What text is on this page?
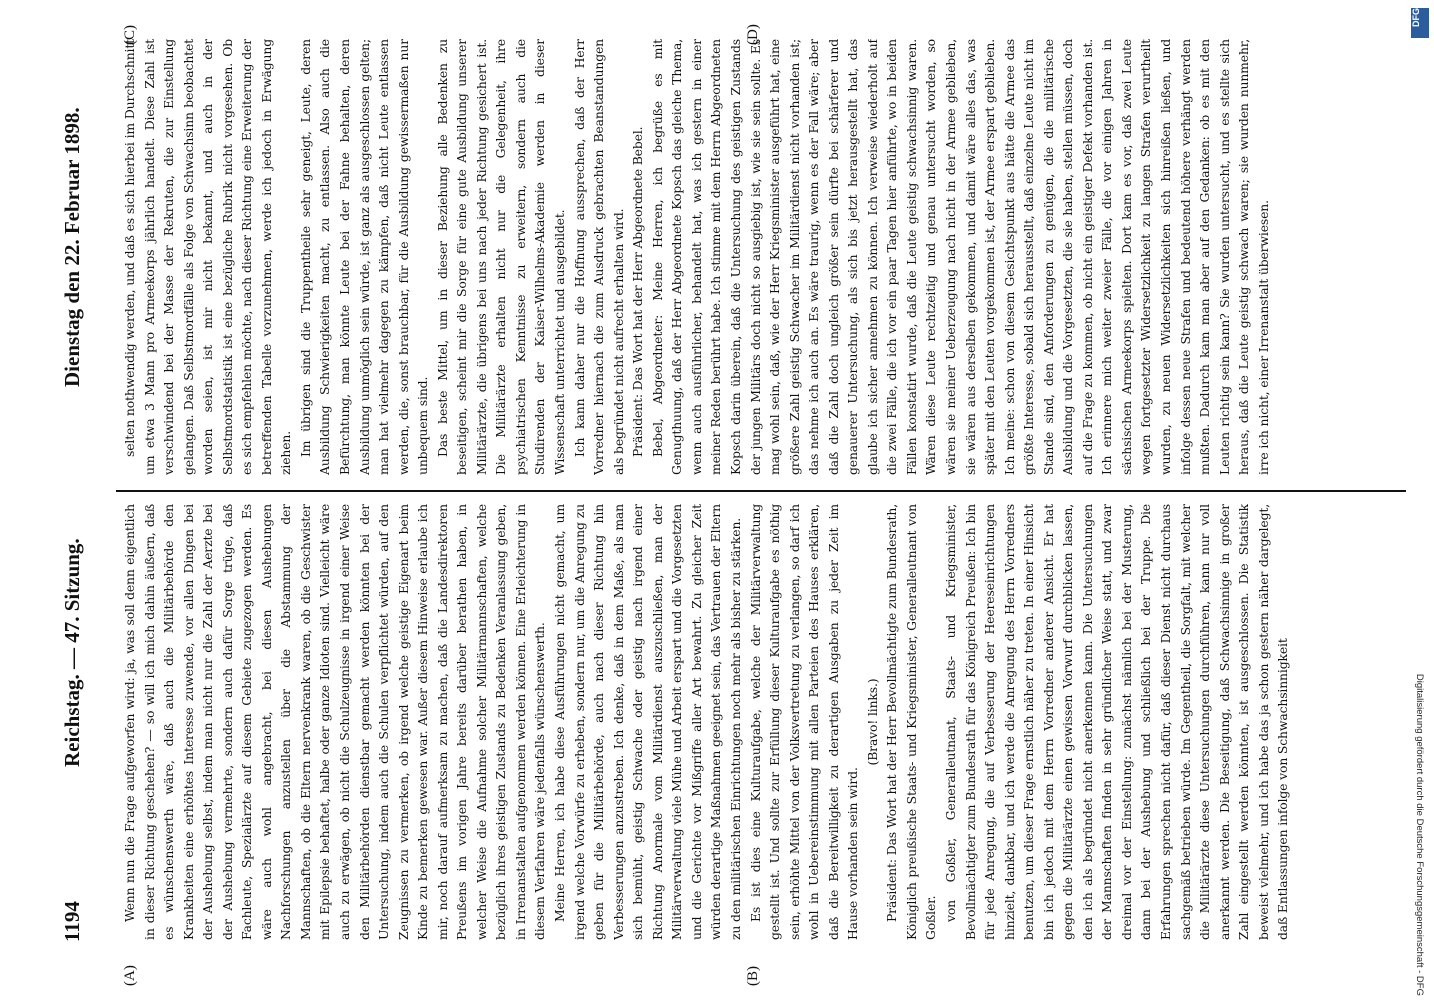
1194
Reichstag. — 47. Sitzung.
Dienstag den 22. Februar 1898.
(A)	(B)
(C)	(D)

Wenn nun die Frage aufgeworfen wird: ja, was soll denn eigentlich in dieser Richtung geschehen? — so will ich mich dahin äußern, daß es wünschenswerth wäre, daß auch die Militärbehörde den Krankheiten eine erhöhtes Interesse zuwende, vor allen Dingen bei der Aushebung selbst, indem man nicht nur die Zahl der Aerzte bei der Aushebung vermehrte, sondern auch dafür Sorge trüge, daß Fachleute, Spezialärzte auf diesem Gebiete zugezogen werden. Es wäre auch wohl angebracht, bei diesen Aushebungen Nachforschungen anzustellen über die Abstammung der Mannschaften, ob die Eltern nervenkrank waren, ob die Geschwister mit Epilepsie behaftet, halbe oder ganze Idioten sind. Vielleicht wäre auch zu erwägen, ob nicht die Schulzeugnisse in irgend einer Weise den Militärbehörden dienstbar gemacht werden könnten bei der Untersuchung, indem auch die Schulen verpflichtet würden, auf den Zeugnissen zu vermerken, ob irgend welche geistige Eigenart beim Kinde zu bemerken gewesen war. Außer diesem Hinweise erlaube ich mir, noch darauf aufmerksam zu machen, daß die Landesdirektoren Preußens im vorigen Jahre bereits darüber berathen haben, in welcher Weise die Aufnahme solcher Militärmannschaften, welche bezüglich ihres geistigen Zustands zu Bedenken Veranlassung geben, in Irrenanstalten aufgenommen werden können. Eine Erleichterung in diesem Verfahren wäre jedenfalls wünschenswerth. Meine Herren, ich habe diese Ausführungen nicht gemacht, um irgend welche Vorwürfe zu erheben, sondern nur, um die Anregung zu geben für die Militärbehörde, auch nach dieser Richtung hin Verbesserungen anzustreben. Ich denke, daß in dem Maße, als man sich bemüht, geistig Schwache oder geistig nach irgend einer Richtung Anormale vom Militärdienst auszuschließen, man der Militärverwaltung viele Mühe und Arbeit erspart und die Vorgesetzten und die Gerichte vor Mißgriffe aller Art bewahrt. Zu gleicher Zeit würden derartige Maßnahmen geeignet sein, das Vertrauen der Eltern zu den militärischen Einrichtungen noch mehr als bisher zu stärken. Es ist dies eine Kulturaufgabe, welche der Militärverwaltung gestellt ist. Und sollte zur Erfüllung dieser Kulturaufgabe es nöthig sein, erhöhte Mittel von der Volksvertretung zu verlangen, so darf ich wohl in Uebereinstimmung mit allen Parteien des Hauses erklären, daß die Bereitwilligkeit zu derartigen Ausgaben zu jeder Zeit im Hause vorhanden sein wird.

(Bravo! links.) Präsident: Das Wort hat der Herr Bevollmächtigte zum Bundesrath, Königlich preußische Staats- und Kriegsminister, Generalleutnant von Goßler. von Goßler, Generalleutnant, Staats- und Kriegsminister, Bevollmächtigter zum Bundesrath für das Königreich Preußen: Ich bin für jede Anregung, die auf Verbesserung der Heereseinrichtungen hinzielt, dankbar, und ich werde die Anregung des Herrn Vorredners benutzen, um dieser Frage ernstlich näher zu treten. In einer Hinsicht bin ich jedoch mit dem Herrn Vorredner anderer Ansicht. Er hat gegen die Militärärzte einen gewissen Vorwurf durchblicken lassen, den ich als begründet nicht anerkennen kann. Die Untersuchungen der Mannschaften finden in sehr gründlicher Weise statt, und zwar dreimal vor der Einstellung: zunächst nämlich bei der Musterung, dann bei der Aushebung und schließlich bei der Truppe. Die Erfahrungen sprechen nicht dafür, daß dieser Dienst nicht durchaus sachgemäß betrieben würde. Im Gegentheil, die Sorgfalt, mit welcher die Militärärzte diese Untersuchungen durchführen, kann nur voll anerkannt werden. Die Beseitigung, daß Schwachsinnige in großer Zahl eingestellt werden könnten, ist ausgeschlossen. Die Statistik beweist vielmehr, und ich habe das ja schon gestern näher dargelegt, daß Entlassungen infolge von Schwachsinnigkeit

selten nothwendig werden, und daß es sich hierbei im Durchschnitt um etwa 3 Mann pro Armeekorps jährlich handelt. Diese Zahl ist verschwindend bei der Masse der Rekruten, die zur Einstellung gelangen. Daß Selbstmordfälle als Folge von Schwachsinn beobachtet worden seien, ist mir nicht bekannt, und auch in der Selbstmordstatistik ist eine bezügliche Rubrik nicht vorgesehen. Ob es sich empfehlen möchte, nach dieser Richtung eine Erweiterung der betreffenden Tabelle vorzunehmen, werde ich jedoch in Erwägung ziehen. Im übrigen sind die Truppentheile sehr geneigt, Leute, deren Ausbildung Schwierigkeiten macht, zu entlassen. Also auch die Befürchtung, man könnte Leute bei der Fahne behalten, deren Ausbildung unmöglich sein würde, ist ganz als ausgeschlossen gelten; man hat vielmehr dagegen zu kämpfen, daß nicht Leute entlassen werden, die, sonst brauchbar, für die Ausbildung gewissermaßen nur unbequem sind. Das beste Mittel, um in dieser Beziehung alle Bedenken zu beseitigen, scheint mir die Sorge für eine gute Ausbildung unserer Militärärzte, die übrigens bei uns nach jeder Richtung gesichert ist. Die Militärärzte erhalten nicht nur die Gelegenheit, ihre psychiatrischen Kenntnisse zu erweitern, sondern auch die Studirenden der Kaiser-Wilhelms-Akademie werden in dieser Wissenschaft unterrichtet und ausgebildet. Ich kann daher nur die Hoffnung aussprechen, daß der Herr Vorredner hiernach die zum Ausdruck gebrachten Beanstandungen als begründet nicht aufrecht erhalten wird. Präsident: Das Wort hat der Herr Abgeordnete Bebel. Bebel, Abgeordneter: Meine Herren, ich begrüße es mit Genugthuung, daß der Herr Abgeordnete Kopsch das gleiche Thema, wenn auch ausführlicher, behandelt hat, was ich gestern in einer meiner Reden berührt habe. Ich stimme mit dem Herrn Abgeordneten Kopsch darin überein, daß die Untersuchung des geistigen Zustands der jungen Militärs doch nicht so ausgiebig ist, wie sie sein sollte. Es mag wohl sein, daß, wie der Herr Kriegsminister ausgeführt hat, eine größere Zahl geistig Schwacher im Militärdienst nicht vorhanden ist; das nehme ich auch an. Es wäre traurig, wenn es der Fall wäre; aber daß die Zahl doch ungleich größer sein dürfte bei schärferer und genauerer Untersuchung, als sich bis jetzt herausgestellt hat, das glaube ich sicher annehmen zu können. Ich verweise wiederholt auf die zwei Fälle, die ich vor ein paar Tagen hier anführte, wo in beiden Fällen konstatirt wurde, daß die Leute geistig schwachsinnig waren. Wären diese Leute rechtzeitig und genau untersucht worden, so wären sie meiner Ueberzeugung nach nicht in der Armee geblieben, sie wären aus derselben gekommen, und damit wäre alles das, was später mit den Leuten vorgekommen ist, der Armee erspart geblieben. Ich meine: schon von diesem Gesichtspunkt aus hätte die Armee das größte Interesse, sobald sich herausstellt, daß einzelne Leute nicht im Stande sind, den Anforderungen zu genügen, die die militärische Ausbildung und die Vorgesetzten, die sie haben, stellen müssen, doch auf die Frage zu kommen, ob nicht ein geistiger Defekt vorhanden ist. Ich erinnere mich weiter zweier Fälle, die vor einigen Jahren in sächsischen Armeekorps spielten. Dort kam es vor, daß zwei Leute wegen fortgesetzter Widersetzlichkeit zu langen Strafen verurtheilt wurden, zu neuen Widersetzlichkeiten sich hinreißen ließen, und infolge dessen neue Strafen und bedeutend höhere verhängt werden mußten. Dadurch kam man aber auf den Gedanken: ob es mit den Leuten richtig sein kann? Sie wurden untersucht, und es stellte sich heraus, daß die Leute geistig schwach waren; sie wurden nunmehr, irre ich nicht, einer Irrenanstalt überwiesen.

DFG
Digitalisierung gefördert durch die Deutsche Forschungsgemeinschaft - DFG
